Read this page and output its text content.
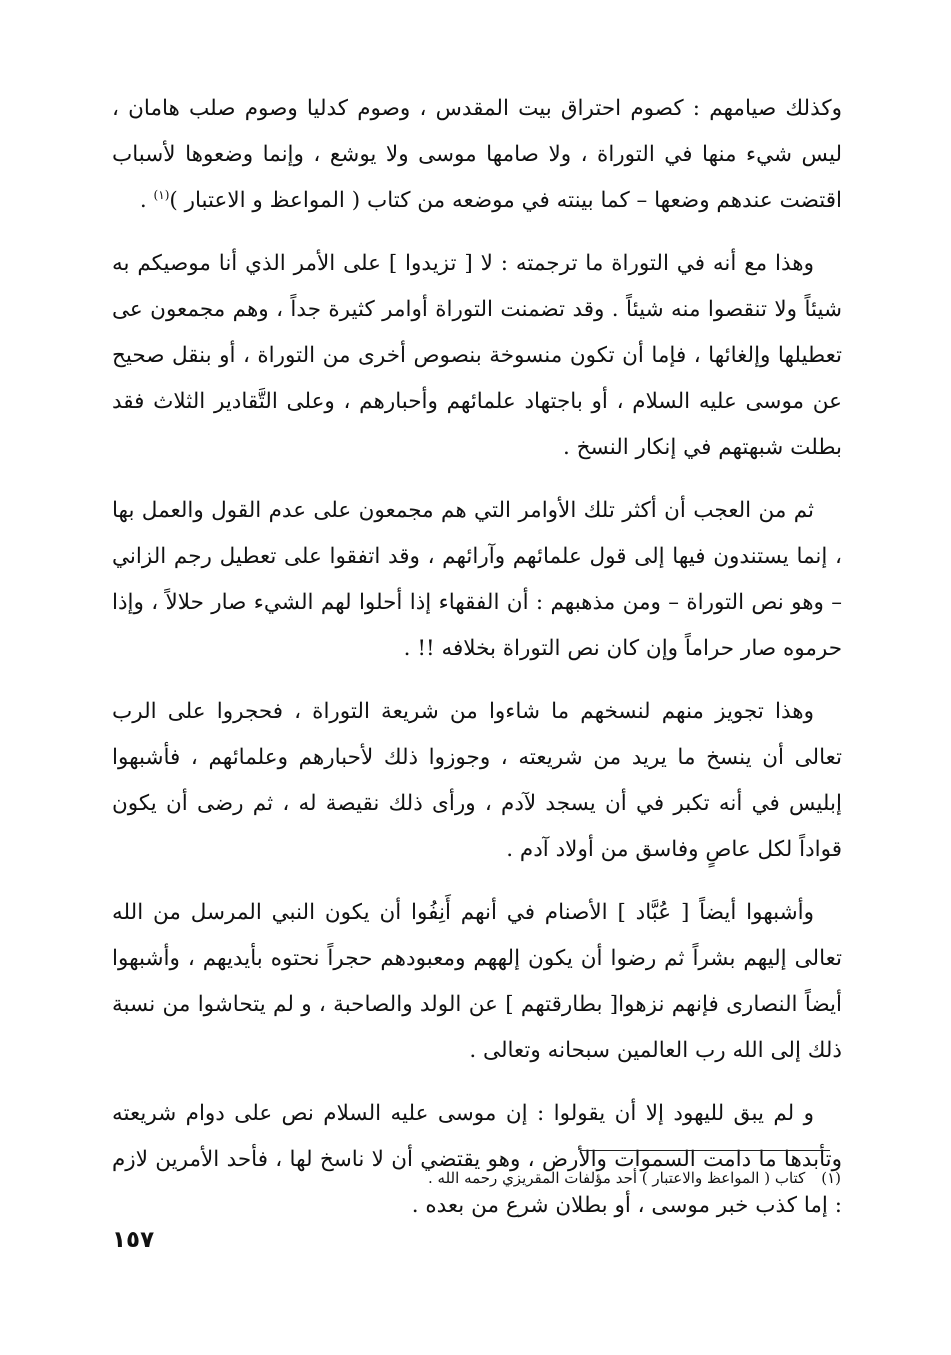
وكذلك صيامهم : كصوم احتراق بيت المقدس ، وصوم كدليا وصوم صلب هامان ، ليس شيء منها في التوراة ، ولا صامها موسى ولا يوشع ، وإنما وضعوها لأسباب اقتضت عندهم وضعها – كما بينته في موضعه من كتاب ( المواعظ و الاعتبار )$^{(١)}$ .

وهذا مع أنه في التوراة ما ترجمته : لا [ تزيدوا ] على الأمر الذي أنا موصيكم به شيئاً ولا تنقصوا منه شيئاً . وقد تضمنت التوراة أوامر كثيرة جداً ، وهم مجمعون عى تعطيلها وإلغائها ، فإما أن تكون منسوخة بنصوص أخرى من التوراة ، أو بنقل صحيح عن موسى عليه السلام ، أو باجتهاد علمائهم وأحبارهم ، وعلى التَّقادير الثلاث فقد بطلت شبهتهم في إنكار النسخ .

ثم من العجب أن أكثر تلك الأوامر التي هم مجمعون على عدم القول والعمل بها ، إنما يستندون فيها إلى قول علمائهم وآرائهم ، وقد اتفقوا على تعطيل رجم الزاني – وهو نص التوراة – ومن مذهبهم : أن الفقهاء إذا أحلوا لهم الشيء صار حلالاً ، وإذا حرموه صار حراماً وإن كان نص التوراة بخلافه !! .

وهذا تجويز منهم لنسخهم ما شاءوا من شريعة التوراة ، فحجروا على الرب تعالى أن ينسخ ما يريد من شريعته ، وجوزوا ذلك لأحبارهم وعلمائهم ، فأشبهوا إبليس في أنه تكبر في أن يسجد لآدم ، ورأى ذلك نقيصة له ، ثم رضى أن يكون قواداً لكل عاصٍ وفاسق من أولاد آدم .

وأشبهوا أيضاً [ عُبَّاد ] الأصنام في أنهم أَنِفُوا أن يكون النبي المرسل من الله تعالى إليهم بشراً ثم رضوا أن يكون إلههم ومعبودهم حجراً نحتوه بأيديهم ، وأشبهوا أيضاً النصارى فإنهم نزهوا[ بطارقتهم ] عن الولد والصاحبة ، و لم يتحاشوا من نسبة ذلك إلى الله رب العالمين سبحانه وتعالى .

و لم يبق لليهود إلا أن يقولوا : إن موسى عليه السلام نص على دوام شريعته وتأبدها ما دامت السموات والأرض ، وهو يقتضي أن لا ناسخ لها ، فأحد الأمرين لازم : إما كذب خبر موسى ، أو بطلان شرع من بعده .

(١)كتاب ( المواعظ والاعتبار ) أحد مؤلفات المقريزي رحمه الله .
١٥٧
